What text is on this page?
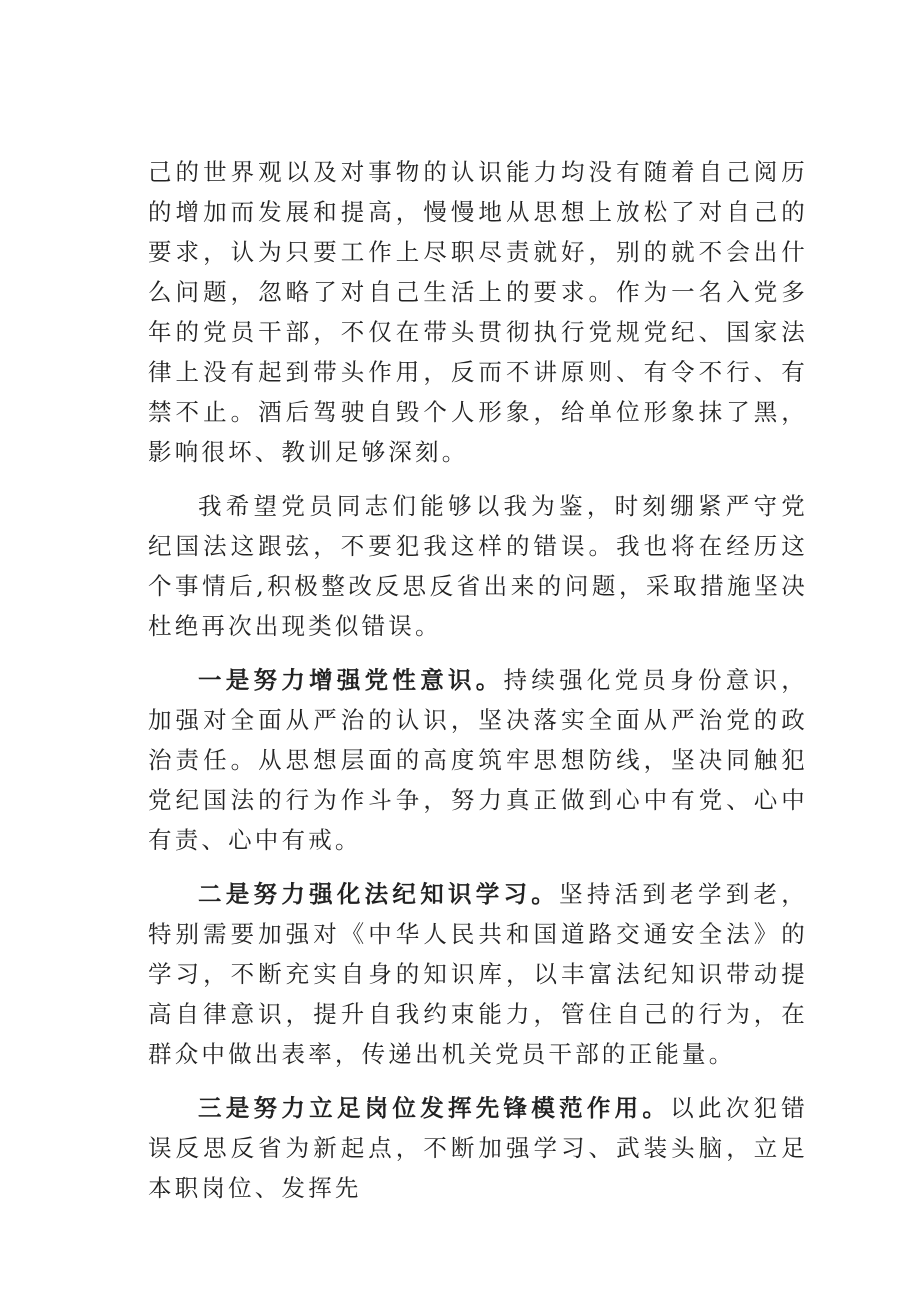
己的世界观以及对事物的认识能力均没有随着自己阅历的增加而发展和提高，慢慢地从思想上放松了对自己的要求，认为只要工作上尽职尽责就好，别的就不会出什么问题，忽略了对自己生活上的要求。作为一名入党多年的党员干部，不仅在带头贯彻执行党规党纪、国家法律上没有起到带头作用，反而不讲原则、有令不行、有禁不止。酒后驾驶自毁个人形象，给单位形象抹了黑，影响很坏、教训足够深刻。

我希望党员同志们能够以我为鉴，时刻绷紧严守党纪国法这跟弦，不要犯我这样的错误。我也将在经历这个事情后,积极整改反思反省出来的问题，采取措施坚决杜绝再次出现类似错误。

一是努力增强党性意识。持续强化党员身份意识，加强对全面从严治的认识，坚决落实全面从严治党的政治责任。从思想层面的高度筑牢思想防线，坚决同触犯党纪国法的行为作斗争，努力真正做到心中有党、心中有责、心中有戒。

二是努力强化法纪知识学习。坚持活到老学到老，特别需要加强对《中华人民共和国道路交通安全法》的学习，不断充实自身的知识库，以丰富法纪知识带动提高自律意识，提升自我约束能力，管住自己的行为，在群众中做出表率，传递出机关党员干部的正能量。

三是努力立足岗位发挥先锋模范作用。以此次犯错误反思反省为新起点，不断加强学习、武装头脑，立足本职岗位、发挥先
